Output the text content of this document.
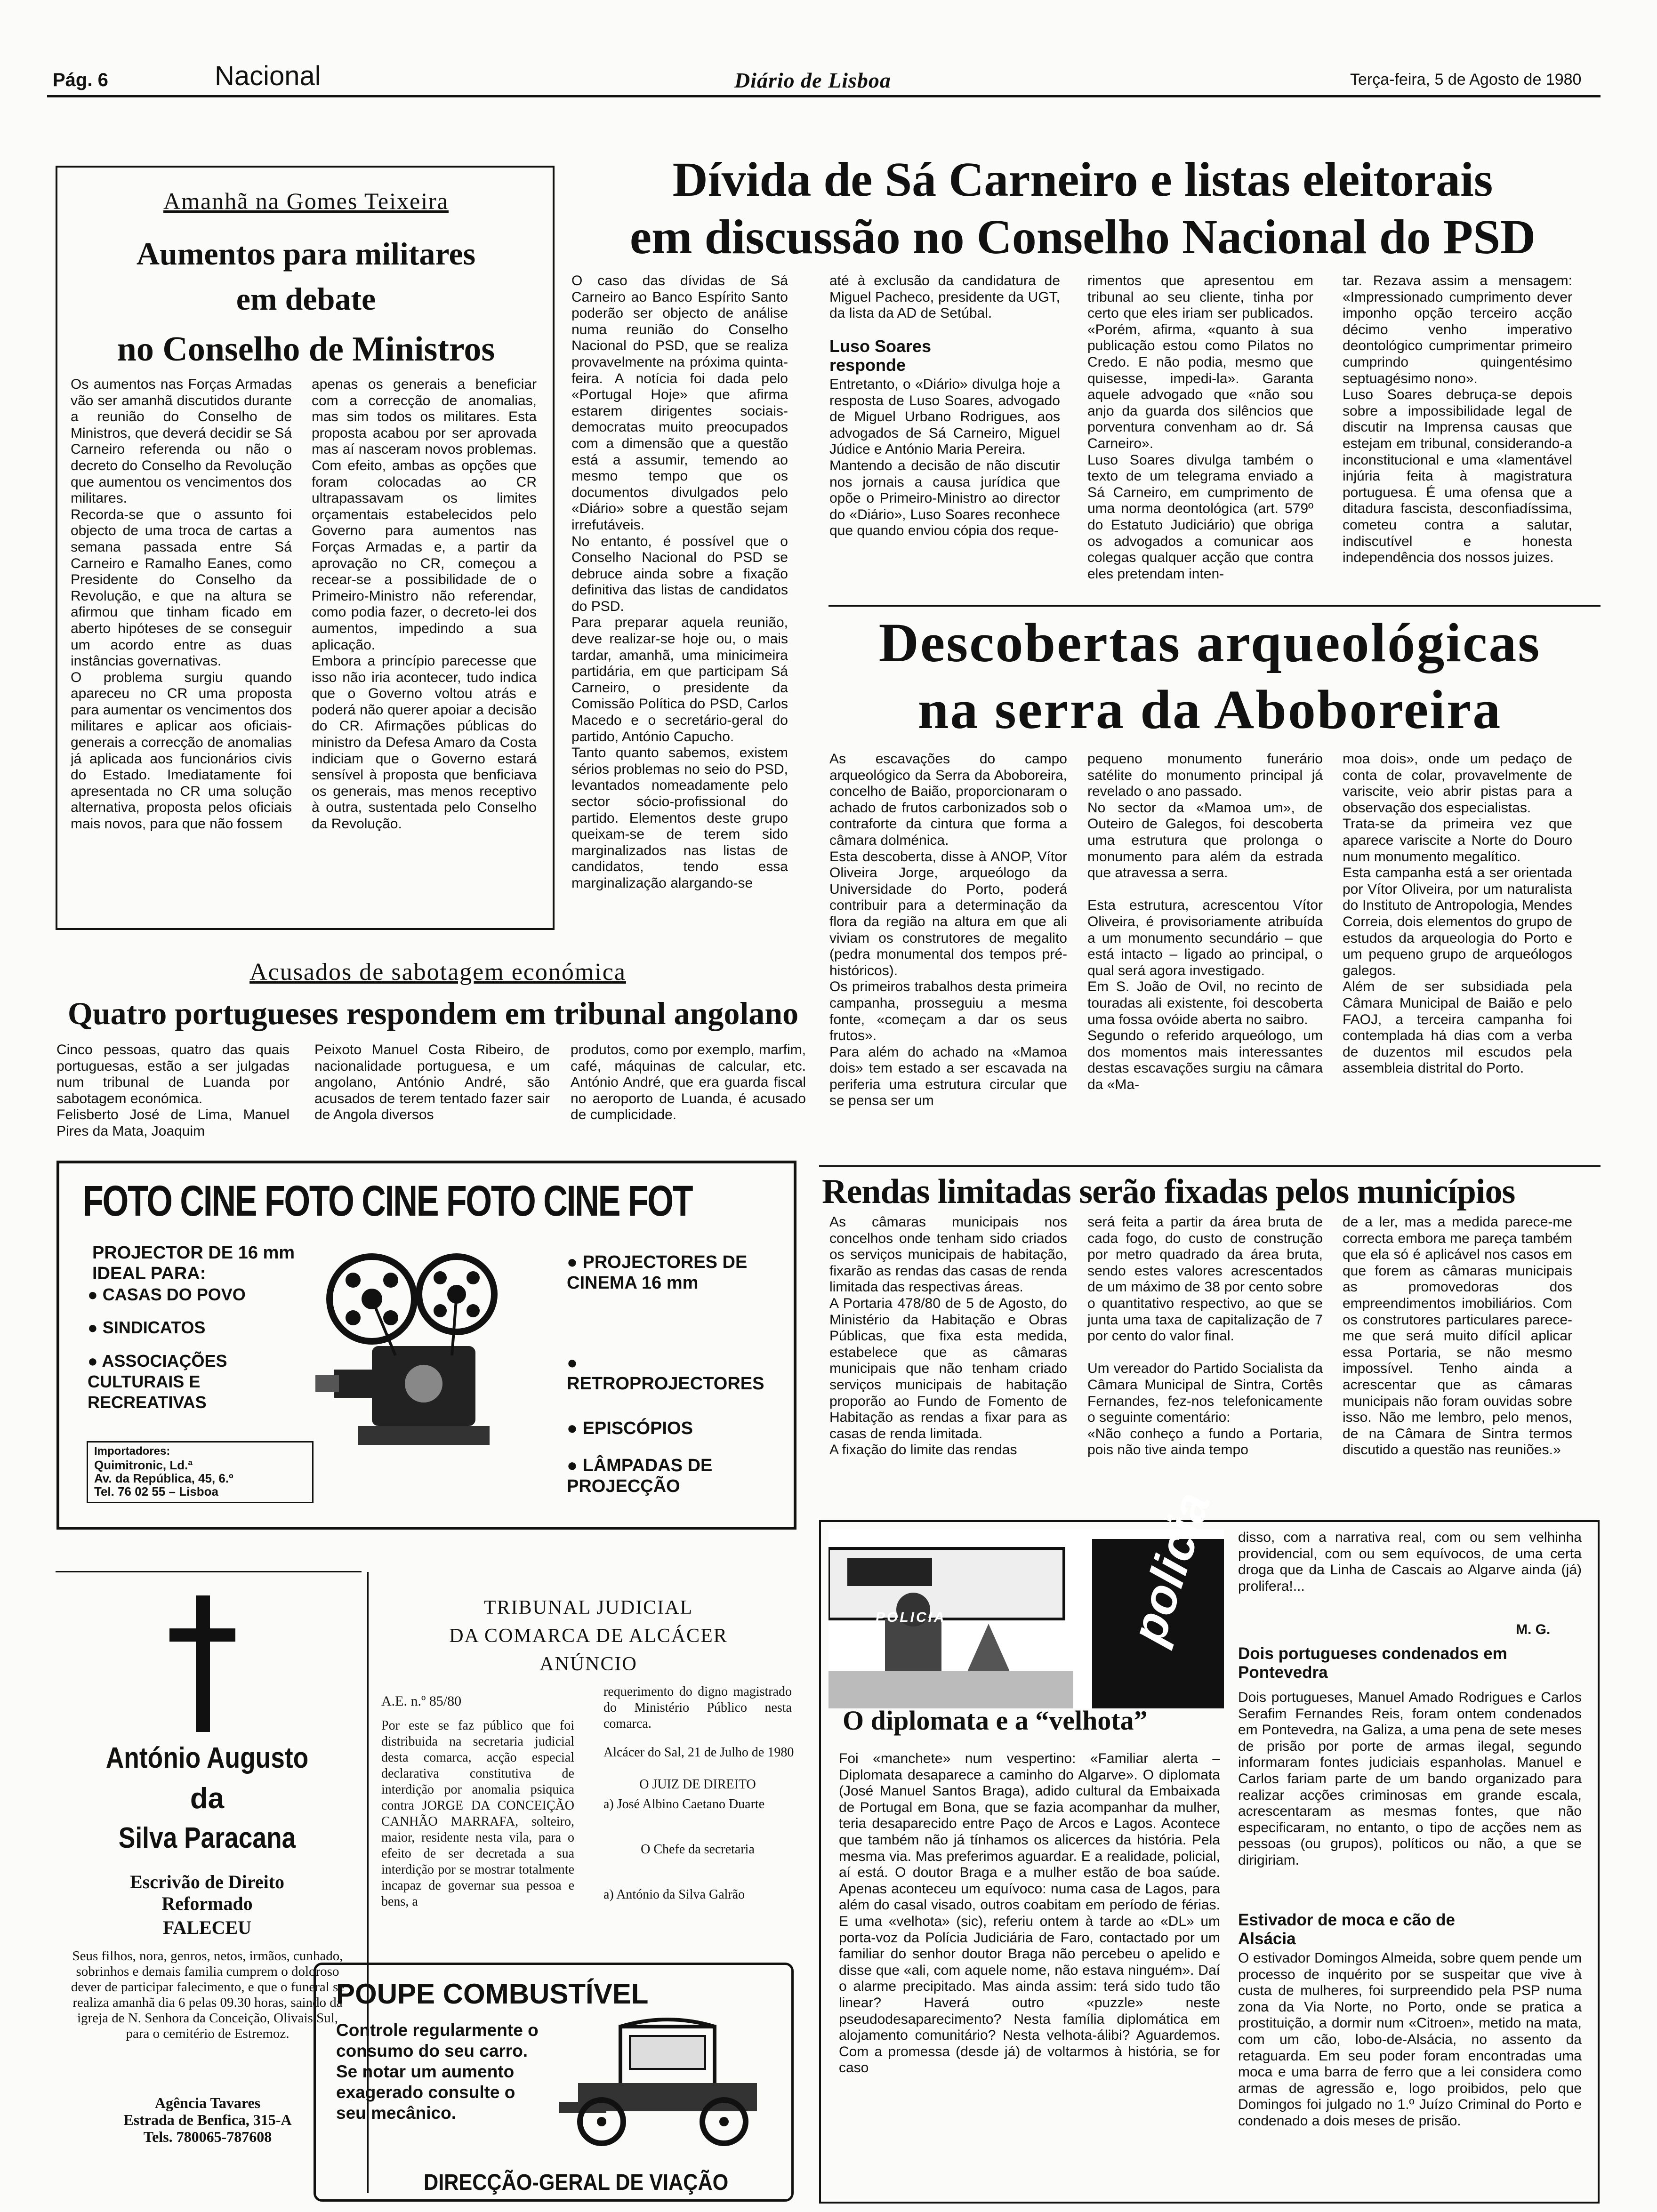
Pág. 6	Nacional	Diário de Lisboa	Terça-feira, 5 de Agosto de 1980
Amanhã na Gomes Teixeira
Aumentos para militares
em debate
no Conselho de Ministros
Os aumentos nas Forças Armadas vão ser amanhã discutidos durante a reunião do Conselho de Ministros, que deverá decidir se Sá Carneiro referenda ou não o decreto do Conselho da Revolução que aumentou os vencimentos dos militares.
Recorda-se que o assunto foi objecto de uma troca de cartas a semana passada entre Sá Carneiro e Ramalho Eanes, como Presidente do Conselho da Revolução, e que na altura se afirmou que tinham ficado em aberto hipóteses de se conseguir um acordo entre as duas instâncias governativas.
O problema surgiu quando apareceu no CR uma proposta para aumentar os vencimentos dos militares e aplicar aos oficiais-generais a correcção de anomalias já aplicada aos funcionários civis do Estado. Imediatamente foi apresentada no CR uma solução alternativa, proposta pelos oficiais mais novos, para que não fossem
apenas os generais a beneficiar com a correcção de anomalias, mas sim todos os militares. Esta proposta acabou por ser aprovada mas aí nasceram novos problemas. Com efeito, ambas as opções que foram colocadas ao CR ultrapassavam os limites orçamentais estabelecidos pelo Governo para aumentos nas Forças Armadas e, a partir da aprovação no CR, começou a recear-se a possibilidade de o Primeiro-Ministro não referendar, como podia fazer, o decreto-lei dos aumentos, impedindo a sua aplicação.
Embora a princípio parecesse que isso não iria acontecer, tudo indica que o Governo voltou atrás e poderá não querer apoiar a decisão do CR. Afirmações públicas do ministro da Defesa Amaro da Costa indiciam que o Governo estará sensível à proposta que benficiava os generais, mas menos receptivo à outra, sustentada pelo Conselho da Revolução.
Dívida de Sá Carneiro e listas eleitorais
em discussão no Conselho Nacional do PSD
O caso das dívidas de Sá Carneiro ao Banco Espírito Santo poderão ser objecto de análise numa reunião do Conselho Nacional do PSD, que se realiza provavelmente na próxima quinta-feira. A notícia foi dada pelo «Portugal Hoje» que afirma estarem dirigentes sociais-democratas muito preocupados com a dimensão que a questão está a assumir, temendo ao mesmo tempo que os documentos divulgados pelo «Diário» sobre a questão sejam irrefutáveis.
No entanto, é possível que o Conselho Nacional do PSD se debruce ainda sobre a fixação definitiva das listas de candidatos do PSD.
Para preparar aquela reunião, deve realizar-se hoje ou, o mais tardar, amanhã, uma minicimeira partidária, em que participam Sá Carneiro, o presidente da Comissão Política do PSD, Carlos Macedo e o secretário-geral do partido, António Capucho.
Tanto quanto sabemos, existem sérios problemas no seio do PSD, levantados nomeadamente pelo sector sócio-profissional do partido. Elementos deste grupo queixam-se de terem sido marginalizados nas listas de candidatos, tendo essa marginalização alargando-se
até à exclusão da candidatura de Miguel Pacheco, presidente da UGT, da lista da AD de Setúbal.
Luso Soares responde
Entretanto, o «Diário» divulga hoje a resposta de Luso Soares, advogado de Miguel Urbano Rodrigues, aos advogados de Sá Carneiro, Miguel Júdice e António Maria Pereira.
Mantendo a decisão de não discutir nos jornais a causa jurídica que opõe o Primeiro-Ministro ao director do «Diário», Luso Soares reconhece que quando enviou cópia dos reque-
rimentos que apresentou em tribunal ao seu cliente, tinha por certo que eles iriam ser publicados. «Porém, afirma, «quanto à sua publicação estou como Pilatos no Credo. E não podia, mesmo que quisesse, impedi-la». Garanta aquele advogado que «não sou anjo da guarda dos silêncios que porventura convenham ao dr. Sá Carneiro».
Luso Soares divulga também o texto de um telegrama enviado a Sá Carneiro, em cumprimento de uma norma deontológica (art. 579º do Estatuto Judiciário) que obriga os advogados a comunicar aos colegas qualquer acção que contra eles pretendam inten-
tar. Rezava assim a mensagem: «Impressionado cumprimento dever imponho opção terceiro acção décimo venho imperativo deontológico cumprimentar primeiro cumprindo quingentésimo septuagésimo nono».
Luso Soares debruça-se depois sobre a impossibilidade legal de discutir na Imprensa causas que estejam em tribunal, considerando-a inconstitucional e uma «lamentável injúria feita à magistratura portuguesa. É uma ofensa que a ditadura fascista, desconfiadíssima, cometeu contra a salutar, indiscutível e honesta independência dos nossos juizes.
Descobertas arqueológicas
na serra da Aboboreira
As escavações do campo arqueológico da Serra da Aboboreira, concelho de Baião, proporcionaram o achado de frutos carbonizados sob o contraforte da cintura que forma a câmara dolménica.
Esta descoberta, disse à ANOP, Vítor Oliveira Jorge, arqueólogo da Universidade do Porto, poderá contribuir para a determinação da flora da região na altura em que ali viviam os construtores de megalito (pedra monumental dos tempos pré-históricos).
Os primeiros trabalhos desta primeira campanha, prosseguiu a mesma fonte, «começam a dar os seus frutos».
Para além do achado na «Mamoa dois» tem estado a ser escavada na periferia uma estrutura circular que se pensa ser um
pequeno monumento funerário satélite do monumento principal já revelado o ano passado.
No sector da «Mamoa um», de Outeiro de Galegos, foi descoberta uma estrutura que prolonga o monumento para além da estrada que atravessa a serra.

Esta estrutura, acrescentou Vítor Oliveira, é provisoriamente atribuída a um monumento secundário – que está intacto – ligado ao principal, o qual será agora investigado.
Em S. João de Ovil, no recinto de touradas ali existente, foi descoberta uma fossa ovóide aberta no saibro.
Segundo o referido arqueólogo, um dos momentos mais interessantes destas escavações surgiu na câmara da «Ma-
moa dois», onde um pedaço de conta de colar, provavelmente de variscite, veio abrir pistas para a observação dos especialistas.
Trata-se da primeira vez que aparece variscite a Norte do Douro num monumento megalítico.
Esta campanha está a ser orientada por Vítor Oliveira, por um naturalista do Instituto de Antropologia, Mendes Correia, dois elementos do grupo de estudos da arqueologia do Porto e um pequeno grupo de arqueólogos galegos.
Além de ser subsidiada pela Câmara Municipal de Baião e pelo FAOJ, a terceira campanha foi contemplada há dias com a verba de duzentos mil escudos pela assembleia distrital do Porto.
Acusados de sabotagem económica
Quatro portugueses respondem em tribunal angolano
Cinco pessoas, quatro das quais portuguesas, estão a ser julgadas num tribunal de Luanda por sabotagem económica.
Felisberto José de Lima, Manuel Pires da Mata, Joaquim
Peixoto Manuel Costa Ribeiro, de nacionalidade portuguesa, e um angolano, António André, são acusados de terem tentado fazer sair de Angola diversos
produtos, como por exemplo, marfim, café, máquinas de calcular, etc. António André, que era guarda fiscal no aeroporto de Luanda, é acusado de cumplicidade.
FOTO CINE FOTO CINE FOTO CINE FOT
PROJECTOR DE 16 mm IDEAL PARA:
● CASAS DO POVO
● SINDICATOS
● ASSOCIAÇÕES CULTURAIS E RECREATIVAS
Importadores:
Quimitronic, Ld.ª
Av. da República, 45, 6.º
Tel. 76 02 55 – Lisboa
● PROJECTORES DE CINEMA 16 mm
● RETROPROJECTORES
● EPISCÓPIOS
● LÂMPADAS DE PROJECÇÃO
Rendas limitadas serão fixadas pelos municípios
As câmaras municipais nos concelhos onde tenham sido criados os serviços municipais de habitação, fixarão as rendas das casas de renda limitada das respectivas áreas.
A Portaria 478/80 de 5 de Agosto, do Ministério da Habitação e Obras Públicas, que fixa esta medida, estabelece que as câmaras municipais que não tenham criado serviços municipais de habitação proporão ao Fundo de Fomento de Habitação as rendas a fixar para as casas de renda limitada.
A fixação do limite das rendas
será feita a partir da área bruta de cada fogo, do custo de construção por metro quadrado da área bruta, sendo estes valores acrescentados de um máximo de 38 por cento sobre o quantitativo respectivo, ao que se junta uma taxa de capitalização de 7 por cento do valor final.

Um vereador do Partido Socialista da Câmara Municipal de Sintra, Cortês Fernandes, fez-nos telefonicamente o seguinte comentário:
«Não conheço a fundo a Portaria, pois não tive ainda tempo
de a ler, mas a medida parece-me correcta embora me pareça também que ela só é aplicável nos casos em que forem as câmaras municipais as promovedoras dos empreendimentos imobiliários. Com os construtores particulares parece-me que será muito difícil aplicar essa Portaria, se não mesmo impossível. Tenho ainda a acrescentar que as câmaras municipais não foram ouvidas sobre isso. Não me lembro, pelo menos, de na Câmara de Sintra termos discutido a questão nas reuniões.»
António Augusto
da
Silva Paracana
Escrivão de Direito Reformado
FALECEU
Seus filhos, nora, genros, netos, irmãos, cunhado, sobrinhos e demais familia cumprem o doloroso dever de participar falecimento, e que o funeral se realiza amanhã dia 6 pelas 09.30 horas, saindo da igreja de N. Senhora da Conceição, Olivais Sul, para o cemitério de Estremoz.
Agência Tavares
Estrada de Benfica, 315-A
Tels. 780065-787608
TRIBUNAL JUDICIAL
DA COMARCA DE ALCÁCER
ANÚNCIO
A.E. n.º 85/80
Por este se faz público que foi distribuida na secretaria judicial desta comarca, acção especial declarativa constitutiva de interdição por anomalia psiquica contra JORGE DA CONCEIÇÃO CANHÃO MARRAFA, solteiro, maior, residente nesta vila, para o efeito de ser decretada a sua interdição por se mostrar totalmente incapaz de governar sua pessoa e bens, a
requerimento do digno magistrado do Ministério Público nesta comarca.
Alcácer do Sal, 21 de Julho de 1980
O JUIZ DE DIREITO
a) José Albino Caetano Duarte
O Chefe da secretaria
a) António da Silva Galrão
POUPE COMBUSTÍVEL
Controle regularmente o consumo do seu carro. Se notar um aumento exagerado consulte o seu mecânico.
DIRECÇÃO-GERAL DE VIAÇÃO
POLICIA	policia
O diplomata e a “velhota”
Foi «manchete» num vespertino: «Familiar alerta – Diplomata desaparece a caminho do Algarve». O diplomata (José Manuel Santos Braga), adido cultural da Embaixada de Portugal em Bona, que se fazia acompanhar da mulher, teria desaparecido entre Paço de Arcos e Lagos. Acontece que também não já tínhamos os alicerces da história. Pela mesma via. Mas preferimos aguardar. E a realidade, policial, aí está. O doutor Braga e a mulher estão de boa saúde. Apenas aconteceu um equívoco: numa casa de Lagos, para além do casal visado, outros coabitam em período de férias. E uma «velhota» (sic), referiu ontem à tarde ao «DL» um porta-voz da Polícia Judiciária de Faro, contactado por um familiar do senhor doutor Braga não percebeu o apelido e disse que «ali, com aquele nome, não estava ninguém». Daí o alarme precipitado. Mas ainda assim: terá sido tudo tão linear? Haverá outro «puzzle» neste pseudodesaparecimento? Nesta família diplomática em alojamento comunitário? Nesta velhota-álibi? Aguardemos. Com a promessa (desde já) de voltarmos à história, se for caso
disso, com a narrativa real, com ou sem velhinha providencial, com ou sem equívocos, de uma certa droga que da Linha de Cascais ao Algarve ainda (já) prolifera!...
M. G.
Dois portugueses condenados em Pontevedra
Dois portugueses, Manuel Amado Rodrigues e Carlos Serafim Fernandes Reis, foram ontem condenados em Pontevedra, na Galiza, a uma pena de sete meses de prisão por porte de armas ilegal, segundo informaram fontes judiciais espanholas. Manuel e Carlos fariam parte de um bando organizado para realizar acções criminosas em grande escala, acrescentaram as mesmas fontes, que não especificaram, no entanto, o tipo de acções nem as pessoas (ou grupos), políticos ou não, a que se dirigiriam.
Estivador de moca e cão de Alsácia
O estivador Domingos Almeida, sobre quem pende um processo de inquérito por se suspeitar que vive à custa de mulheres, foi surpreendido pela PSP numa zona da Via Norte, no Porto, onde se pratica a prostituição, a dormir num «Citroen», metido na mata, com um cão, lobo-de-Alsácia, no assento da retaguarda. Em seu poder foram encontradas uma moca e uma barra de ferro que a lei considera como armas de agressão e, logo proibidos, pelo que Domingos foi julgado no 1.º Juízo Criminal do Porto e condenado a dois meses de prisão.
